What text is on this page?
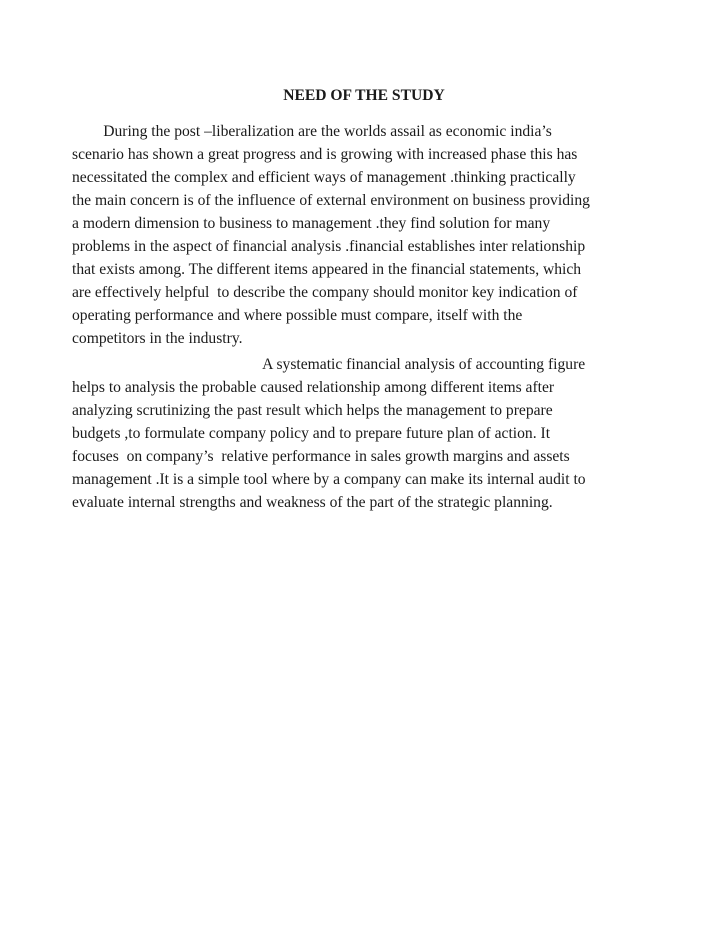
NEED OF THE STUDY
During the post –liberalization are the worlds assail as economic india’s
scenario has shown a great progress and is growing with increased phase this has
necessitated the complex and efficient ways of management .thinking practically
the main concern is of the influence of external environment on business providing
a modern dimension to business to management .they find solution for many
problems in the aspect of financial analysis .financial establishes inter relationship
that exists among. The different items appeared in the financial statements, which
are effectively helpful  to describe the company should monitor key indication of
operating performance and where possible must compare, itself with the
competitors in the industry.
A systematic financial analysis of accounting figure
helps to analysis the probable caused relationship among different items after
analyzing scrutinizing the past result which helps the management to prepare
budgets ,to formulate company policy and to prepare future plan of action. It
focuses  on company’s  relative performance in sales growth margins and assets
management .It is a simple tool where by a company can make its internal audit to
evaluate internal strengths and weakness of the part of the strategic planning.
